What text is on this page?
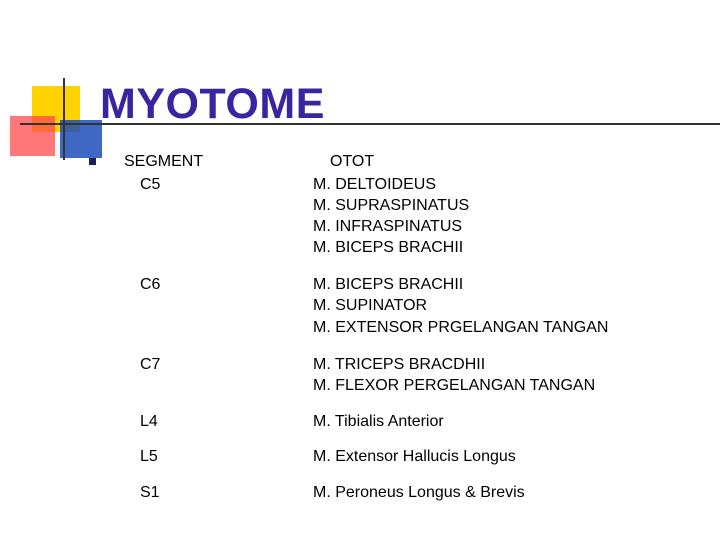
MYOTOME

SEGMENT	OTOT

C5	M. DELTOIDEUS

M. SUPRASPINATUS

M. INFRASPINATUS

M. BICEPS BRACHII

C6	M. BICEPS BRACHII

M. SUPINATOR

M. EXTENSOR PRGELANGAN TANGAN

C7	M. TRICEPS BRACDHII

M. FLEXOR PERGELANGAN TANGAN

L4	M. Tibialis Anterior

L5	M. Extensor Hallucis Longus

S1	M. Peroneus Longus & Brevis
